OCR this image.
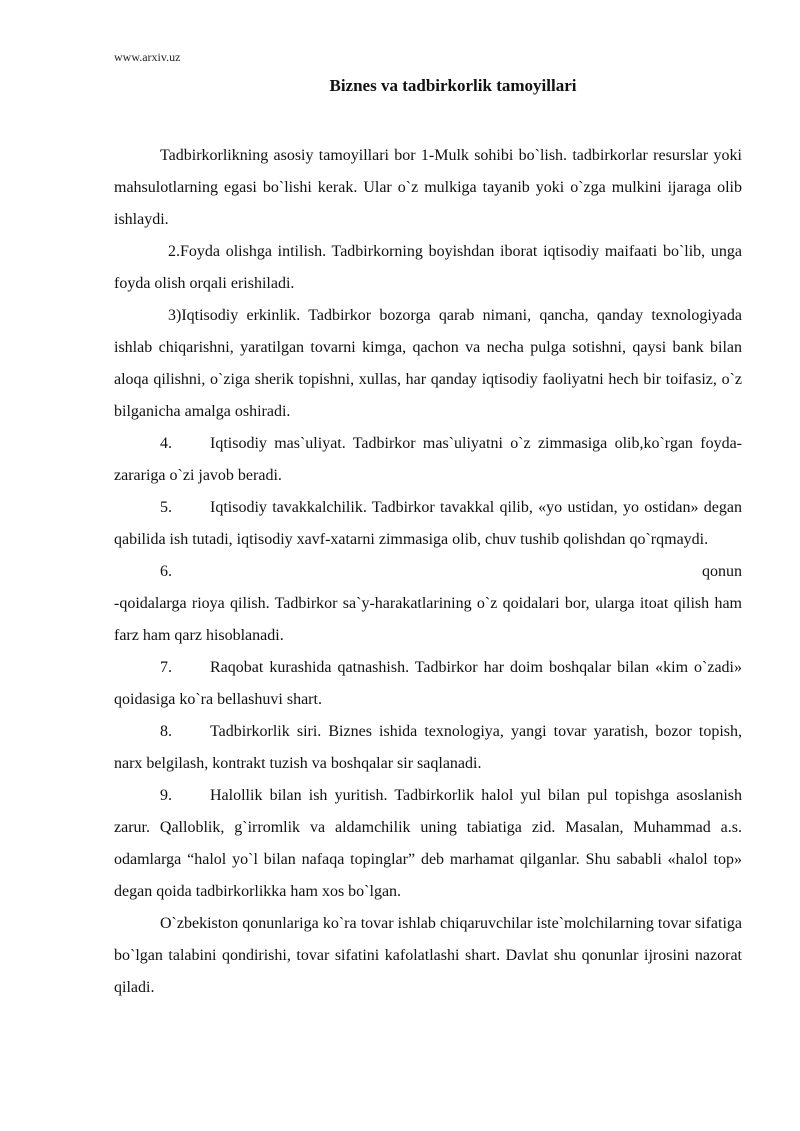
www.arxiv.uz
Biznes va tadbirkorlik tamoyillari

Tadbirkorlikning asosiy tamoyillari bor 1-Mulk sohibi bo`lish. tadbirkorlar resurslar yoki mahsulotlarning egasi bo`lishi kerak. Ular o`z mulkiga tayanib yoki o`zga mulkini ijaraga olib ishlaydi.

2.Foyda olishga intilish. Tadbirkorning boyishdan iborat iqtisodiy maifaati bo`lib, unga foyda olish orqali erishiladi.

3)Iqtisodiy erkinlik. Tadbirkor bozorga qarab nimani, qancha, qanday texnologiyada ishlab chiqarishni, yaratilgan tovarni kimga, qachon va necha pulga sotishni, qaysi bank bilan aloqa qilishni, o`ziga sherik topishni, xullas, har qanday iqtisodiy faoliyatni hech bir toifasiz, o`z bilganicha amalga oshiradi.

4. Iqtisodiy mas`uliyat. Tadbirkor mas`uliyatni o`z zimmasiga olib,ko`rgan foyda-zarariga o`zi javob beradi.

5. Iqtisodiy tavakkalchilik. Tadbirkor tavakkal qilib, «yo ustidan, yo ostidan» degan qabilida ish tutadi, iqtisodiy xavf-xatarni zimmasiga olib, chuv tushib qolishdan qo`rqmaydi.

6.	qonun

-qoidalarga rioya qilish. Tadbirkor sa`y-harakatlarining o`z qoidalari bor, ularga itoat qilish ham farz ham qarz hisoblanadi.

7. Raqobat kurashida qatnashish. Tadbirkor har doim boshqalar bilan «kim o`zadi» qoidasiga ko`ra bellashuvi shart.

8. Tadbirkorlik siri. Biznes ishida texnologiya, yangi tovar yaratish, bozor topish, narx belgilash, kontrakt tuzish va boshqalar sir saqlanadi.

9. Halollik bilan ish yuritish. Tadbirkorlik halol yul bilan pul topishga asoslanish zarur. Qalloblik, g`irromlik va aldamchilik uning tabiatiga zid. Masalan, Muhammad a.s. odamlarga “halol yo`l bilan nafaqa topinglar” deb marhamat qilganlar. Shu sababli «halol top» degan qoida tadbirkorlikka ham xos bo`lgan.

O`zbekiston qonunlariga ko`ra tovar ishlab chiqaruvchilar iste`molchilarning tovar sifatiga bo`lgan talabini qondirishi, tovar sifatini kafolatlashi shart. Davlat shu qonunlar ijrosini nazorat qiladi.
